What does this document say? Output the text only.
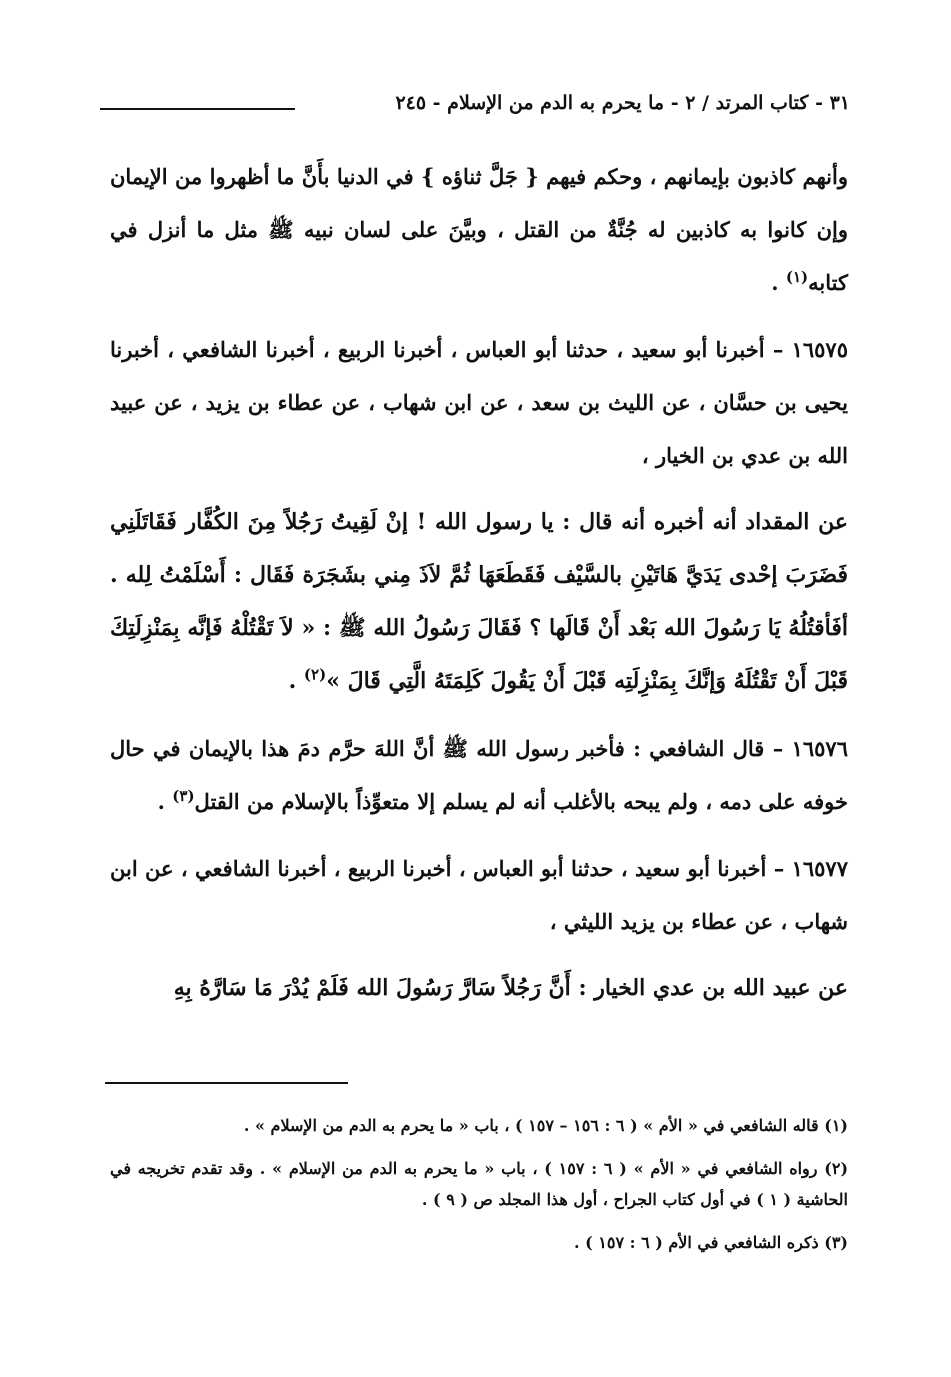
٣١ - كتاب المرتد / ٢ - ما يحرم به الدم من الإسلام - ٢٤٥

وأنهم كاذبون بإيمانهم ، وحكم فيهم { جَلَّ ثناؤه } في الدنيا بأَنَّ ما أظهروا من الإيمان وإن كانوا به كاذبين له جُنَّةٌ من القتل ، وبيَّنَ على لسان نبيه ﷺ مثل ما أنزل في كتابه$^{(١)}$ .

١٦٥٧٥ – أخبرنا أبو سعيد ، حدثنا أبو العباس ، أخبرنا الربيع ، أخبرنا الشافعي ، أخبرنا يحيى بن حسَّان ، عن الليث بن سعد ، عن ابن شهاب ، عن عطاء بن يزيد ، عن عبيد الله بن عدي بن الخيار ،

عن المقداد أنه أخبره أنه قال : يا رسول الله ! إنْ لَقِيتُ رَجُلاً مِنَ الكُفَّار فَقَاتَلَنِي فَضَرَبَ إحْدى يَدَيَّ هَاتَيْنِ بالسَّيْف فَقَطَعَهَا ثُمَّ لاَذَ مِني بشَجَرَة فَقَال : أَسْلَمْتُ لِله . أفَأقتُلُهُ يَا رَسُولَ الله بَعْد أَنْ قَالَها ؟ فَقَالَ رَسُولُ الله ﷺ : « لاَ تَقْتُلْهُ فَإنَّه بِمَنْزِلَتِكَ قَبْلَ أَنْ تَقْتُلَهُ وَإنَّكَ بِمَنْزِلَتِه قَبْلَ أَنْ يَقُولَ كَلِمَتَهُ الَّتِي قَالَ »$^{(٢)}$ .

١٦٥٧٦ – قال الشافعي : فأخبر رسول الله ﷺ أنَّ اللهَ حرَّم دمَ هذا بالإيمان في حال خوفه على دمه ، ولم يبحه بالأغلب أنه لم يسلم إلا متعوِّذاً بالإسلام من القتل$^{(٣)}$ .

١٦٥٧٧ – أخبرنا أبو سعيد ، حدثنا أبو العباس ، أخبرنا الربيع ، أخبرنا الشافعي ، عن ابن شهاب ، عن عطاء بن يزيد الليثي ،

عن عبيد الله بن عدي الخيار : أَنَّ رَجُلاً سَارَّ رَسُولَ الله فَلَمْ يُدْرَ مَا سَارَّهُ بِهِ

(١) قاله الشافعي في « الأم » ( ٦ : ١٥٦ – ١٥٧ ) ، باب « ما يحرم به الدم من الإسلام » .

(٢) رواه الشافعي في « الأم » ( ٦ : ١٥٧ ) ، باب « ما يحرم به الدم من الإسلام » . وقد تقدم تخريجه في الحاشية ( ١ ) في أول كتاب الجراح ، أول هذا المجلد ص ( ٩ ) .

(٣) ذكره الشافعي في الأم ( ٦ : ١٥٧ ) .
